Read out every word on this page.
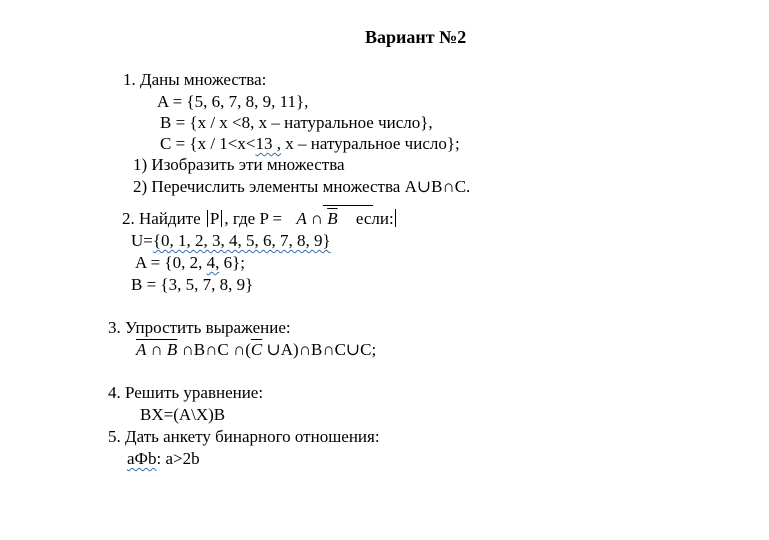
Вариант №2
1. Даны множества:
A = {5, 6, 7, 8, 9, 11},
B = {x / x <8, x – натуральное число},
C = {x / 1<x<13 , x – натуральное число};
1) Изобразить эти множества
2) Перечислить элементы множества A∪B∩C.
2. Найдите P , где P = A ∩ $\overline{B}$ если:
U={0, 1, 2, 3, 4, 5, 6, 7, 8, 9}
A = {0, 2, 4, 6};
B = {3, 5, 7, 8, 9}
3. Упростить выражение:
A ∩ B ∩B∩C $\cap(\overline{C}$ ∪A)∩B∩C∪C;
4. Решить уравнение:
BX=(A\X)B
5. Дать анкету бинарного отношения:
aФb: a>2b
